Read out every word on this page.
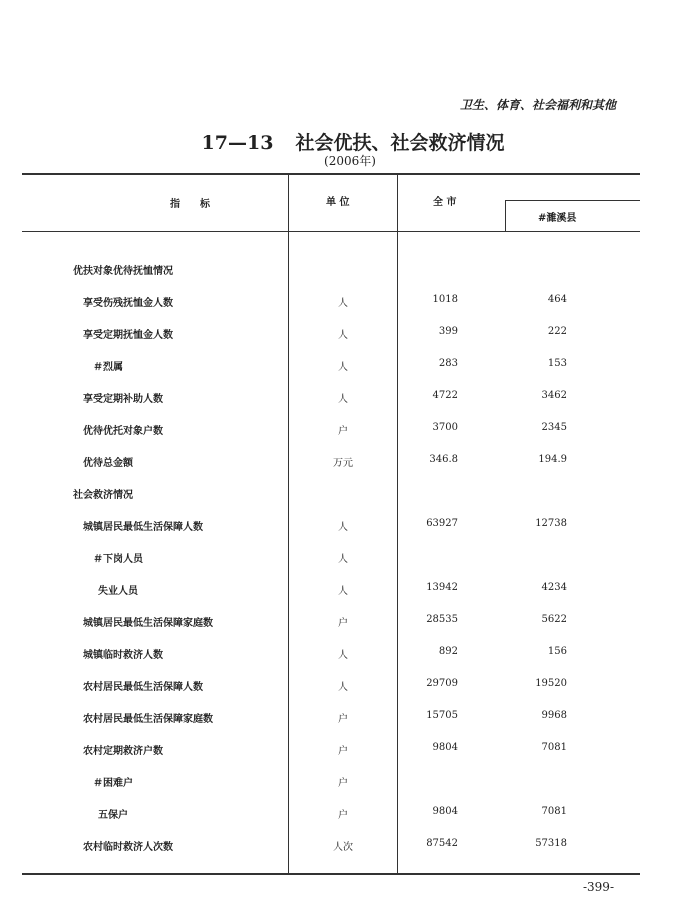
卫生、体育、社会福利和其他
17—13 社会优扶、社会救济情况
(2006年)
指　　标	单 位	全 市
#濉溪县
优扶对象优待抚恤情况
享受伤残抚恤金人数	人	1018	464
享受定期抚恤金人数	人	399	222
＃烈属	人	283	153
享受定期补助人数	人	4722	3462
优待优托对象户数	户	3700	2345
优待总金额	万元	346.8	194.9
社会救济情况
城镇居民最低生活保障人数	人	63927	12738
＃下岗人员	人
失业人员	人	13942	4234
城镇居民最低生活保障家庭数	户	28535	5622
城镇临时救济人数	人	892	156
农村居民最低生活保障人数	人	29709	19520
农村居民最低生活保障家庭数	户	15705	9968
农村定期救济户数	户	9804	7081
＃困难户	户
五保户	户	9804	7081
农村临时救济人次数	人次	87542	57318
-399-
